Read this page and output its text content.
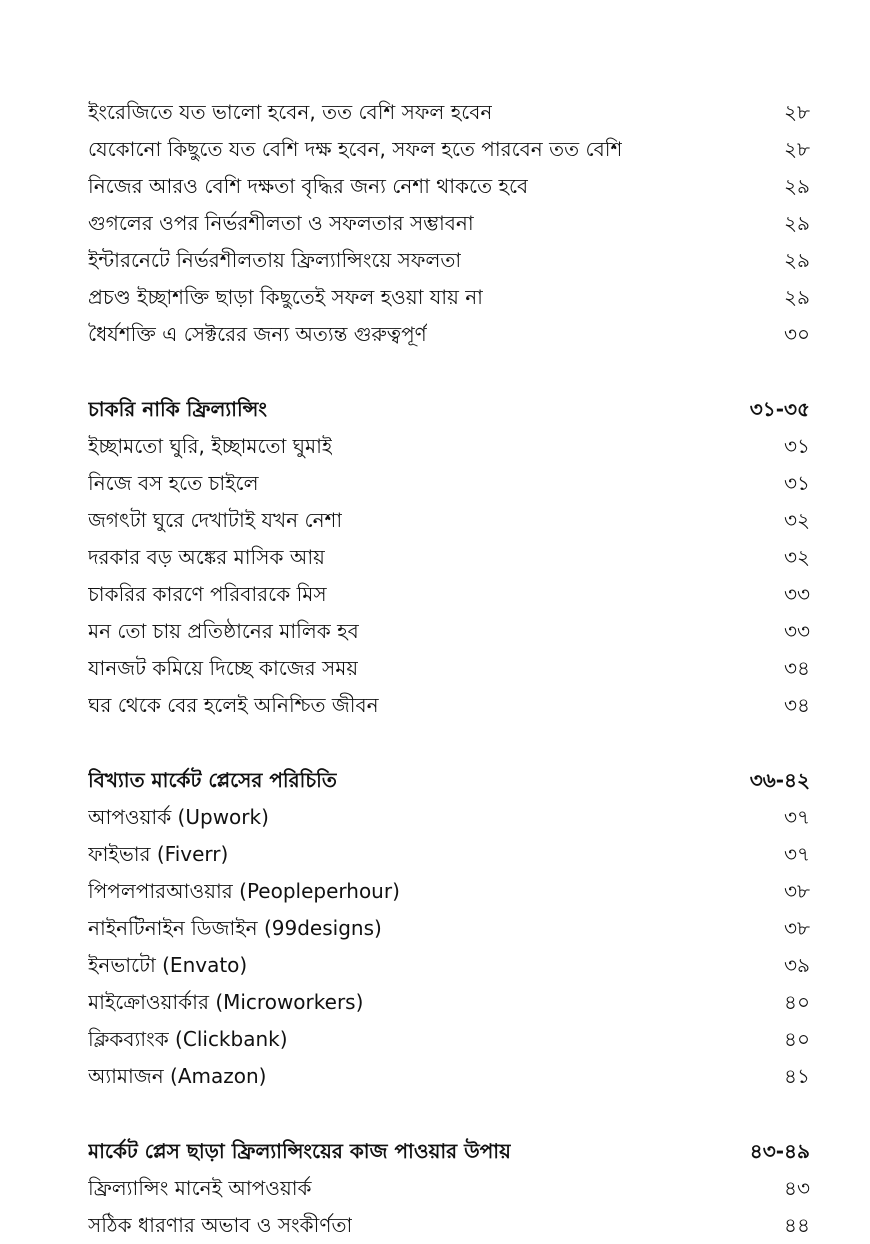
ইংরেজিতে যত ভালো হবেন, তত বেশি সফল হবেন	২৮
যেকোনো কিছুতে যত বেশি দক্ষ হবেন, সফল হতে পারবেন তত বেশি	২৮
নিজের আরও বেশি দক্ষতা বৃদ্ধির জন্য নেশা থাকতে হবে	২৯
গুগলের ওপর নির্ভরশীলতা ও সফলতার সম্ভাবনা	২৯
ইন্টারনেটে নির্ভরশীলতায় ফ্রিল্যান্সিংয়ে সফলতা	২৯
প্রচণ্ড ইচ্ছাশক্তি ছাড়া কিছুতেই সফল হওয়া যায় না	২৯
ধৈর্যশক্তি এ সেক্টরের জন্য অত্যন্ত গুরুত্বপূর্ণ	৩০
চাকরি নাকি ফ্রিল্যান্সিং	৩১-৩৫
ইচ্ছামতো ঘুরি, ইচ্ছামতো ঘুমাই	৩১
নিজে বস হতে চাইলে	৩১
জগৎটা ঘুরে দেখাটাই যখন নেশা	৩২
দরকার বড় অঙ্কের মাসিক আয়	৩২
চাকরির কারণে পরিবারকে মিস	৩৩
মন তো চায় প্রতিষ্ঠানের মালিক হব	৩৩
যানজট কমিয়ে দিচ্ছে কাজের সময়	৩৪
ঘর থেকে বের হলেই অনিশ্চিত জীবন	৩৪
বিখ্যাত মার্কেট প্লেসের পরিচিতি	৩৬-৪২
আপওয়ার্ক (Upwork)	৩৭
ফাইভার (Fiverr)	৩৭
পিপলপারআওয়ার (Peopleperhour)	৩৮
নাইনটিনাইন ডিজাইন (99designs)	৩৮
ইনভাটো (Envato)	৩৯
মাইক্রোওয়ার্কার (Microworkers)	৪০
ক্লিকব্যাংক (Clickbank)	৪০
অ্যামাজন (Amazon)	৪১
মার্কেট প্লেস ছাড়া ফ্রিল্যান্সিংয়ের কাজ পাওয়ার উপায়	৪৩-৪৯
ফ্রিল্যান্সিং মানেই আপওয়ার্ক	৪৩
সঠিক ধারণার অভাব ও সংকীর্ণতা	৪৪
